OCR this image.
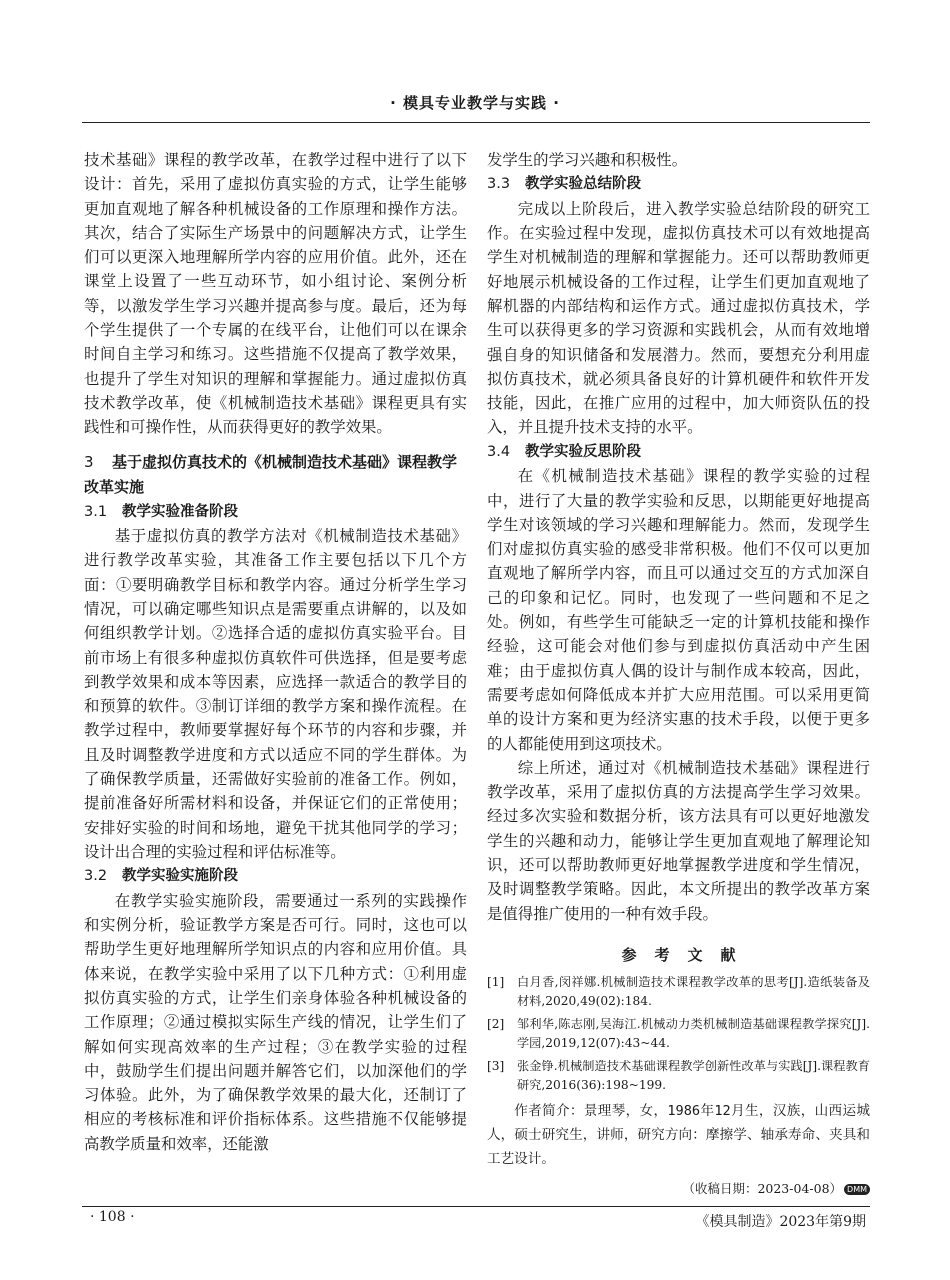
· 模具专业教学与实践 ·

技术基础》课程的教学改革，在教学过程中进行了以下设计：首先，采用了虚拟仿真实验的方式，让学生能够更加直观地了解各种机械设备的工作原理和操作方法。其次，结合了实际生产场景中的问题解决方式，让学生们可以更深入地理解所学内容的应用价值。此外，还在课堂上设置了一些互动环节，如小组讨论、案例分析等，以激发学生学习兴趣并提高参与度。最后，还为每个学生提供了一个专属的在线平台，让他们可以在课余时间自主学习和练习。这些措施不仅提高了教学效果，也提升了学生对知识的理解和掌握能力。通过虚拟仿真技术教学改革，使《机械制造技术基础》课程更具有实践性和可操作性，从而获得更好的教学效果。

3 基于虚拟仿真技术的《机械制造技术基础》课程教学改革实施
3.1 教学实验准备阶段

基于虚拟仿真的教学方法对《机械制造技术基础》进行教学改革实验，其准备工作主要包括以下几个方面：①要明确教学目标和教学内容。通过分析学生学习情况，可以确定哪些知识点是需要重点讲解的，以及如何组织教学计划。②选择合适的虚拟仿真实验平台。目前市场上有很多种虚拟仿真软件可供选择，但是要考虑到教学效果和成本等因素，应选择一款适合的教学目的和预算的软件。③制订详细的教学方案和操作流程。在教学过程中，教师要掌握好每个环节的内容和步骤，并且及时调整教学进度和方式以适应不同的学生群体。为了确保教学质量，还需做好实验前的准备工作。例如，提前准备好所需材料和设备，并保证它们的正常使用；安排好实验的时间和场地，避免干扰其他同学的学习；设计出合理的实验过程和评估标准等。

3.2 教学实验实施阶段

在教学实验实施阶段，需要通过一系列的实践操作和实例分析，验证教学方案是否可行。同时，这也可以帮助学生更好地理解所学知识点的内容和应用价值。具体来说，在教学实验中采用了以下几种方式：①利用虚拟仿真实验的方式，让学生们亲身体验各种机械设备的工作原理；②通过模拟实际生产线的情况，让学生们了解如何实现高效率的生产过程；③在教学实验的过程中，鼓励学生们提出问题并解答它们，以加深他们的学习体验。此外，为了确保教学效果的最大化，还制订了相应的考核标准和评价指标体系。这些措施不仅能够提高教学质量和效率，还能激

发学生的学习兴趣和积极性。

3.3 教学实验总结阶段

完成以上阶段后，进入教学实验总结阶段的研究工作。在实验过程中发现，虚拟仿真技术可以有效地提高学生对机械制造的理解和掌握能力。还可以帮助教师更好地展示机械设备的工作过程，让学生们更加直观地了解机器的内部结构和运作方式。通过虚拟仿真技术，学生可以获得更多的学习资源和实践机会，从而有效地增强自身的知识储备和发展潜力。然而，要想充分利用虚拟仿真技术，就必须具备良好的计算机硬件和软件开发技能，因此，在推广应用的过程中，加大师资队伍的投入，并且提升技术支持的水平。

3.4 教学实验反思阶段

在《机械制造技术基础》课程的教学实验的过程中，进行了大量的教学实验和反思，以期能更好地提高学生对该领域的学习兴趣和理解能力。然而，发现学生们对虚拟仿真实验的感受非常积极。他们不仅可以更加直观地了解所学内容，而且可以通过交互的方式加深自己的印象和记忆。同时，也发现了一些问题和不足之处。例如，有些学生可能缺乏一定的计算机技能和操作经验，这可能会对他们参与到虚拟仿真活动中产生困难；由于虚拟仿真人偶的设计与制作成本较高，因此，需要考虑如何降低成本并扩大应用范围。可以采用更简单的设计方案和更为经济实惠的技术手段，以便于更多的人都能使用到这项技术。

综上所述，通过对《机械制造技术基础》课程进行教学改革，采用了虚拟仿真的方法提高学生学习效果。经过多次实验和数据分析，该方法具有可以更好地激发学生的兴趣和动力，能够让学生更加直观地了解理论知识，还可以帮助教师更好地掌握教学进度和学生情况，及时调整教学策略。因此，本文所提出的教学改革方案是值得推广使用的一种有效手段。

参考文献
[1]	白月香,闵祥娜.机械制造技术课程教学改革的思考[J].造纸装备及材料,2020,49(02):184.
[2]	邹利华,陈志刚,吴海江.机械动力类机械制造基础课程教学探究[J].学园,2019,12(07):43~44.
[3]	张金铮.机械制造技术基础课程教学创新性改革与实践[J].课程教育研究,2016(36):198~199.

作者简介：景理琴，女，1986年12月生，汉族，山西运城人，硕士研究生，讲师，研究方向：摩擦学、轴承寿命、夹具和工艺设计。

（收稿日期：2023-04-08） DMM
· 108 ·	《模具制造》2023年第9期
